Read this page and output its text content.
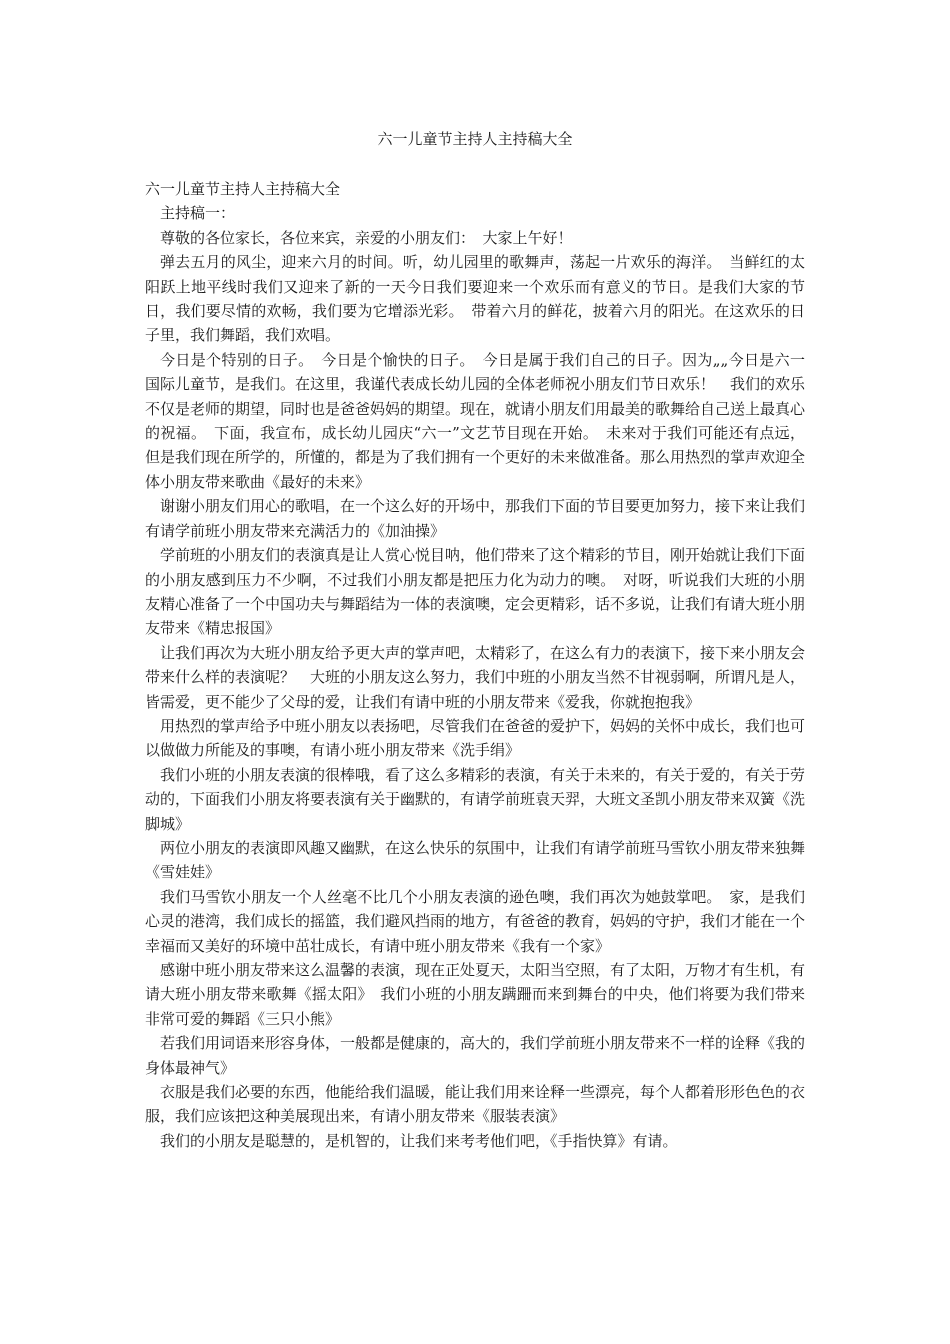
六一儿童节主持人主持稿大全

六一儿童节主持人主持稿大全

主持稿一：

尊敬的各位家长，各位来宾，亲爱的小朋友们：　大家上午好！

弹去五月的风尘，迎来六月的时间。听，幼儿园里的歌舞声，荡起一片欢乐的海洋。　当鲜红的太阳跃上地平线时我们又迎来了新的一天今日我们要迎来一个欢乐而有意义的节日。是我们大家的节日，我们要尽情的欢畅，我们要为它增添光彩。　带着六月的鲜花，披着六月的阳光。在这欢乐的日子里，我们舞蹈，我们欢唱。

今日是个特别的日子。　今日是个愉快的日子。　今日是属于我们自己的日子。因为„„今日是六一国际儿童节，是我们。在这里，我谨代表成长幼儿园的全体老师祝小朋友们节日欢乐！　我们的欢乐不仅是老师的期望，同时也是爸爸妈妈的期望。现在，就请小朋友们用最美的歌舞给自己送上最真心的祝福。　下面，我宣布，成长幼儿园庆“六一”文艺节目现在开始。　未来对于我们可能还有点远，但是我们现在所学的，所懂的，都是为了我们拥有一个更好的未来做准备。那么用热烈的掌声欢迎全体小朋友带来歌曲《最好的未来》

谢谢小朋友们用心的歌唱，在一个这么好的开场中，那我们下面的节目要更加努力，接下来让我们有请学前班小朋友带来充满活力的《加油操》

学前班的小朋友们的表演真是让人赏心悦目呐，他们带来了这个精彩的节目，刚开始就让我们下面的小朋友感到压力不少啊，不过我们小朋友都是把压力化为动力的噢。　对呀，听说我们大班的小朋友精心准备了一个中国功夫与舞蹈结为一体的表演噢，定会更精彩，话不多说，让我们有请大班小朋友带来《精忠报国》

让我们再次为大班小朋友给予更大声的掌声吧，太精彩了，在这么有力的表演下，接下来小朋友会带来什么样的表演呢？　大班的小朋友这么努力，我们中班的小朋友当然不甘视弱啊，所谓凡是人，皆需爱，更不能少了父母的爱，让我们有请中班的小朋友带来《爱我，你就抱抱我》

用热烈的掌声给予中班小朋友以表扬吧，尽管我们在爸爸的爱护下，妈妈的关怀中成长，我们也可以做做力所能及的事噢，有请小班小朋友带来《洗手绢》

我们小班的小朋友表演的很棒哦，看了这么多精彩的表演，有关于未来的，有关于爱的，有关于劳动的，下面我们小朋友将要表演有关于幽默的，有请学前班袁天羿，大班文圣凯小朋友带来双簧《洗脚城》

两位小朋友的表演即风趣又幽默，在这么快乐的氛围中，让我们有请学前班马雪钦小朋友带来独舞《雪娃娃》

我们马雪钦小朋友一个人丝毫不比几个小朋友表演的逊色噢，我们再次为她鼓掌吧。　家，是我们心灵的港湾，我们成长的摇篮，我们避风挡雨的地方，有爸爸的教育，妈妈的守护，我们才能在一个幸福而又美好的环境中茁壮成长，有请中班小朋友带来《我有一个家》

感谢中班小朋友带来这么温馨的表演，现在正处夏天，太阳当空照，有了太阳，万物才有生机，有请大班小朋友带来歌舞《摇太阳》　我们小班的小朋友蹒跚而来到舞台的中央，他们将要为我们带来非常可爱的舞蹈《三只小熊》

若我们用词语来形容身体，一般都是健康的，高大的，我们学前班小朋友带来不一样的诠释《我的身体最神气》

衣服是我们必要的东西，他能给我们温暖，能让我们用来诠释一些漂亮，每个人都着形形色色的衣服，我们应该把这种美展现出来，有请小朋友带来《服装表演》

我们的小朋友是聪慧的，是机智的，让我们来考考他们吧，《手指快算》有请。
